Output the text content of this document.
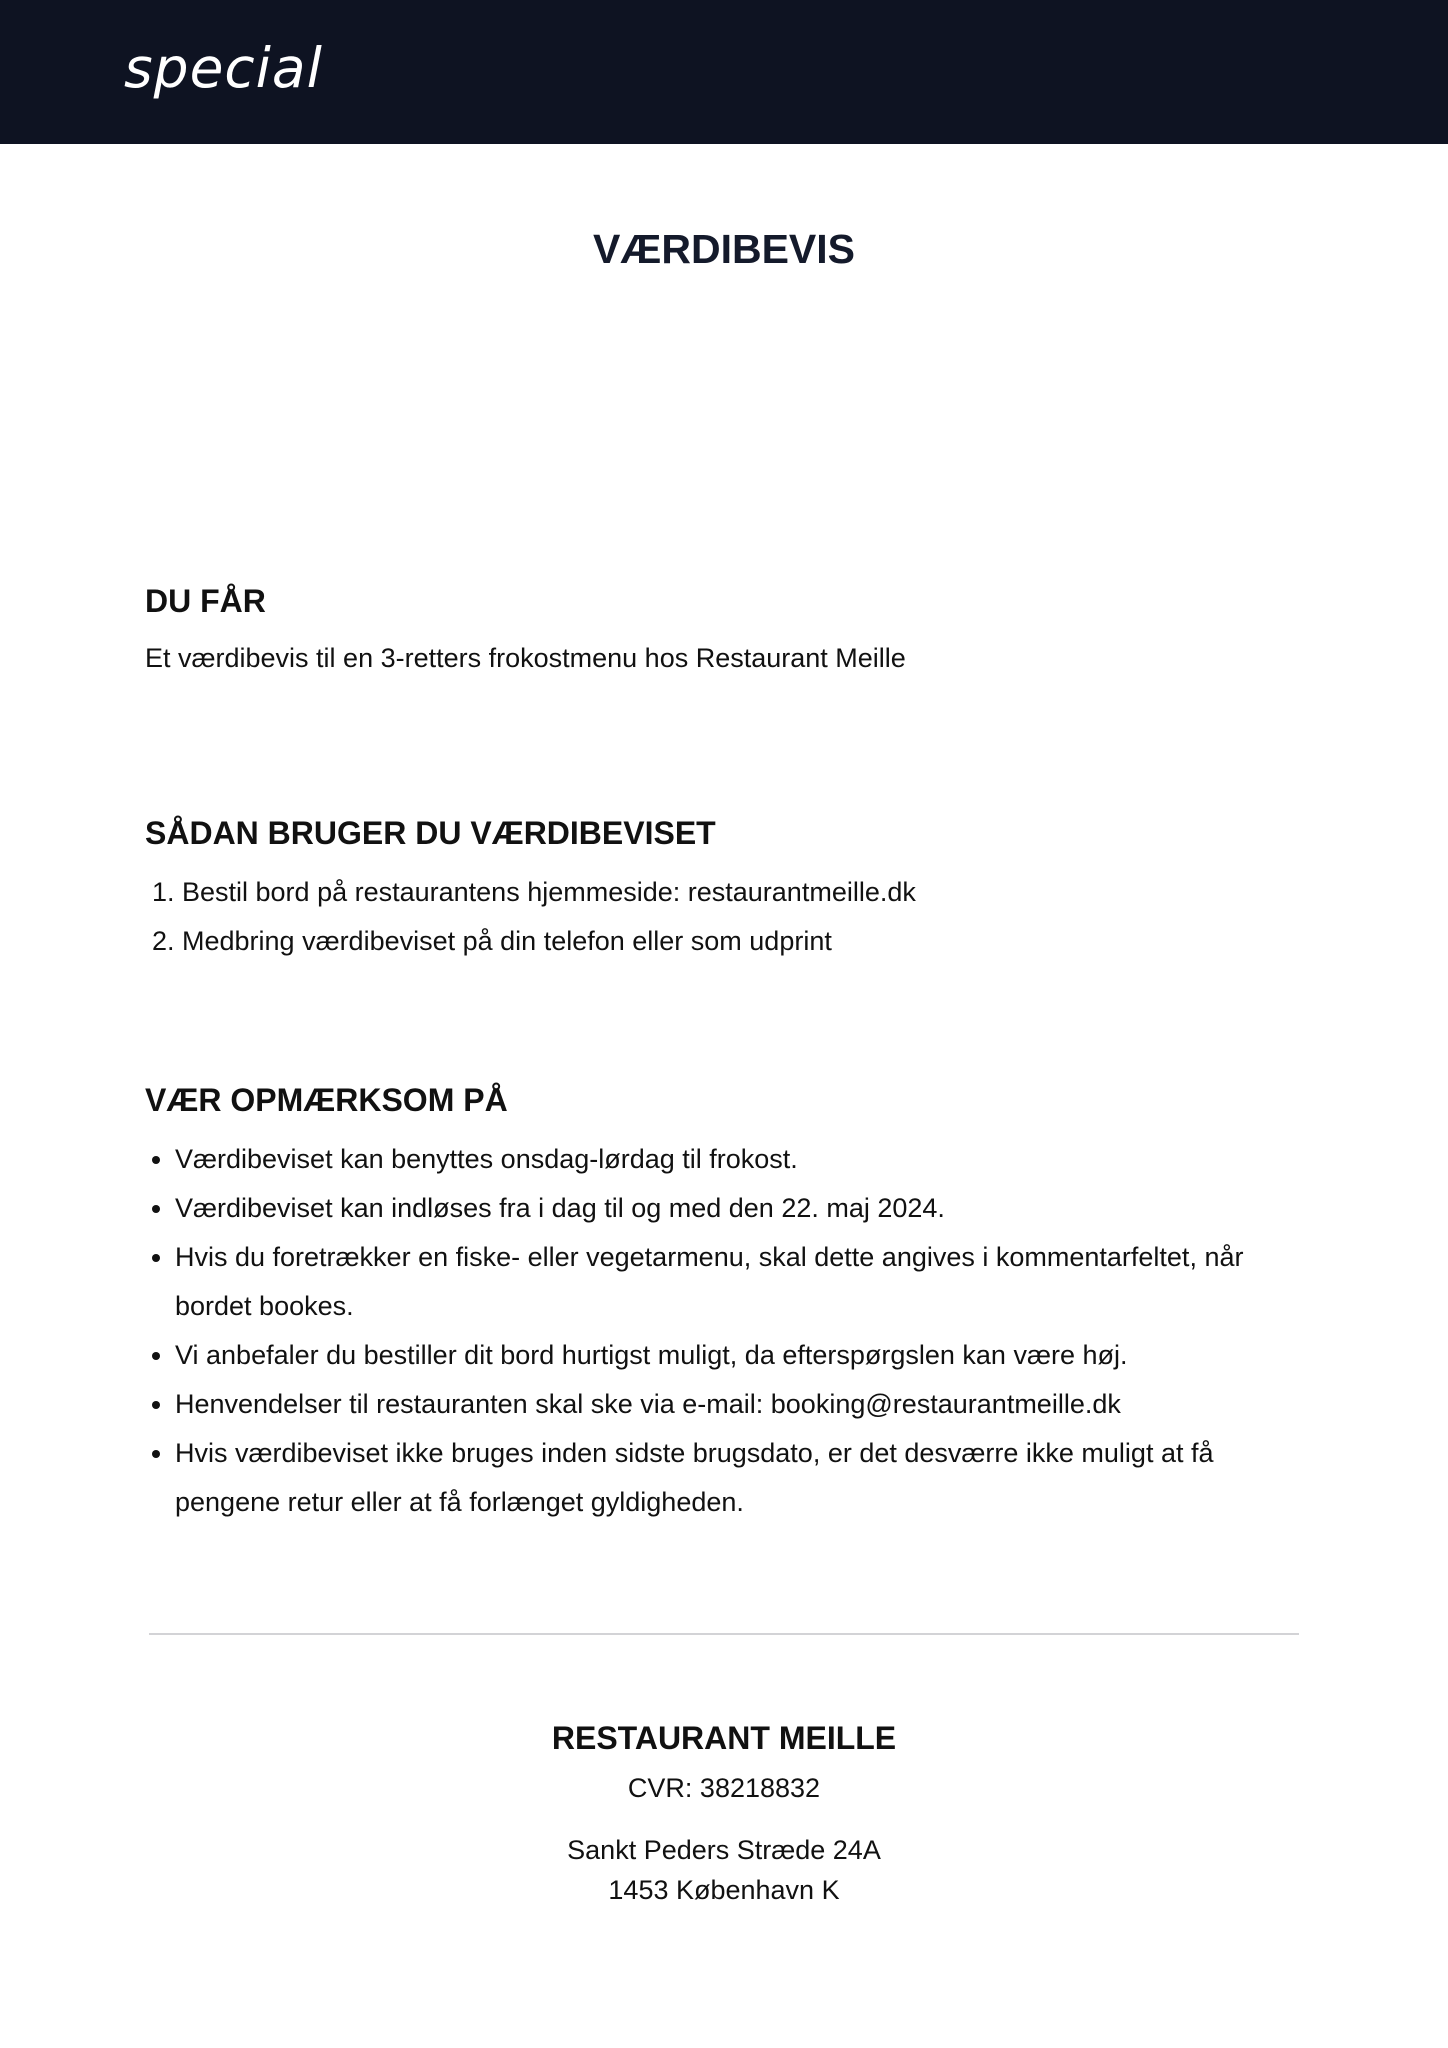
special
VÆRDIBEVIS
DU FÅR

Et værdibevis til en 3-retters frokostmenu hos Restaurant Meille

SÅDAN BRUGER DU VÆRDIBEVISET
1. Bestil bord på restaurantens hjemmeside: restaurantmeille.dk
2. Medbring værdibeviset på din telefon eller som udprint
VÆR OPMÆRKSOM PÅ
• Værdibeviset kan benyttes onsdag-lørdag til frokost.
• Værdibeviset kan indløses fra i dag til og med den 22. maj 2024.
• Hvis du foretrækker en fiske- eller vegetarmenu, skal dette angives i kommentarfeltet, når bordet bookes.
• Vi anbefaler du bestiller dit bord hurtigst muligt, da efterspørgslen kan være høj.
• Henvendelser til restauranten skal ske via e-mail: booking@restaurantmeille.dk
• Hvis værdibeviset ikke bruges inden sidste brugsdato, er det desværre ikke muligt at få pengene retur eller at få forlænget gyldigheden.

RESTAURANT MEILLE

CVR: 38218832

Sankt Peders Stræde 24A

1453 København K
